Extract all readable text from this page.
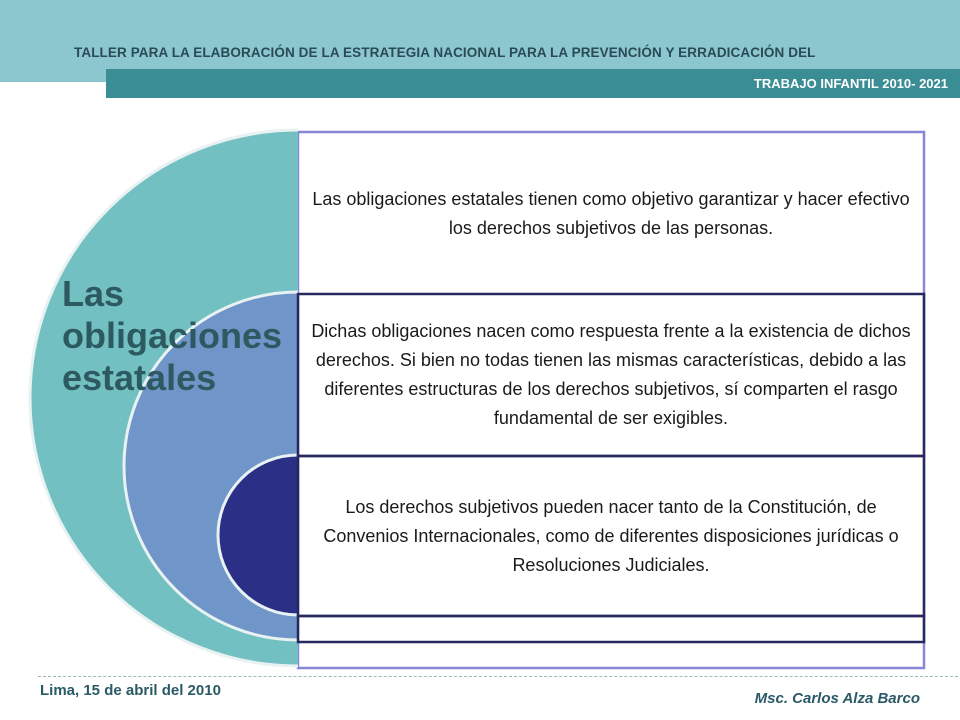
TALLER PARA LA ELABORACIÓN DE LA ESTRATEGIA NACIONAL PARA LA PREVENCIÓN Y ERRADICACIÓN DEL
TRABAJO INFANTIL 2010- 2021
Las obligaciones estatales
Las obligaciones estatales tienen como objetivo garantizar y hacer efectivo los derechos subjetivos de las personas.
Dichas obligaciones nacen como respuesta frente a la existencia de dichos derechos. Si bien no todas tienen las mismas características, debido a las diferentes estructuras de los derechos subjetivos, sí comparten el rasgo fundamental de ser exigibles.
Los derechos subjetivos pueden nacer tanto de la Constitución, de Convenios Internacionales, como de diferentes disposiciones jurídicas o Resoluciones Judiciales.
Lima, 15 de abril del 2010	Msc. Carlos Alza Barco
